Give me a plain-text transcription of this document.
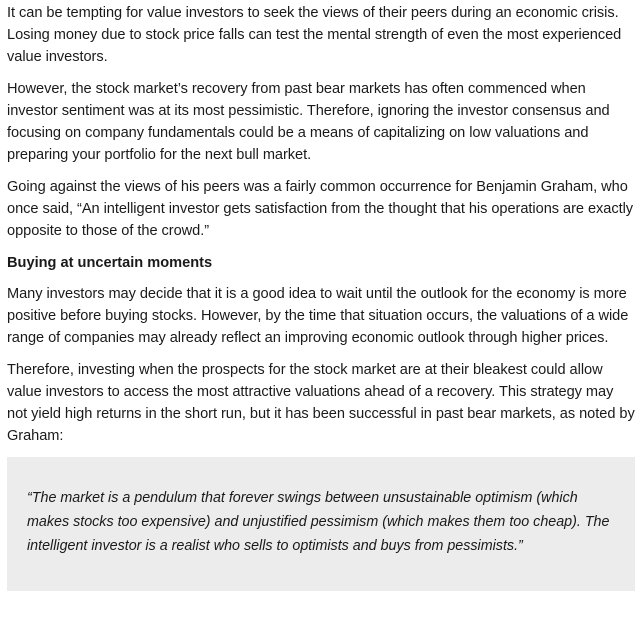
It can be tempting for value investors to seek the views of their peers during an economic crisis. Losing money due to stock price falls can test the mental strength of even the most experienced value investors.

However, the stock market’s recovery from past bear markets has often commenced when investor sentiment was at its most pessimistic. Therefore, ignoring the investor consensus and focusing on company fundamentals could be a means of capitalizing on low valuations and preparing your portfolio for the next bull market.

Going against the views of his peers was a fairly common occurrence for Benjamin Graham, who once said, “An intelligent investor gets satisfaction from the thought that his operations are exactly opposite to those of the crowd.”

Buying at uncertain moments

Many investors may decide that it is a good idea to wait until the outlook for the economy is more positive before buying stocks. However, by the time that situation occurs, the valuations of a wide range of companies may already reflect an improving economic outlook through higher prices.

Therefore, investing when the prospects for the stock market are at their bleakest could allow value investors to access the most attractive valuations ahead of a recovery. This strategy may not yield high returns in the short run, but it has been successful in past bear markets, as noted by Graham:

“The market is a pendulum that forever swings between unsustainable optimism (which makes stocks too expensive) and unjustified pessimism (which makes them too cheap). The intelligent investor is a realist who sells to optimists and buys from pessimists.”
